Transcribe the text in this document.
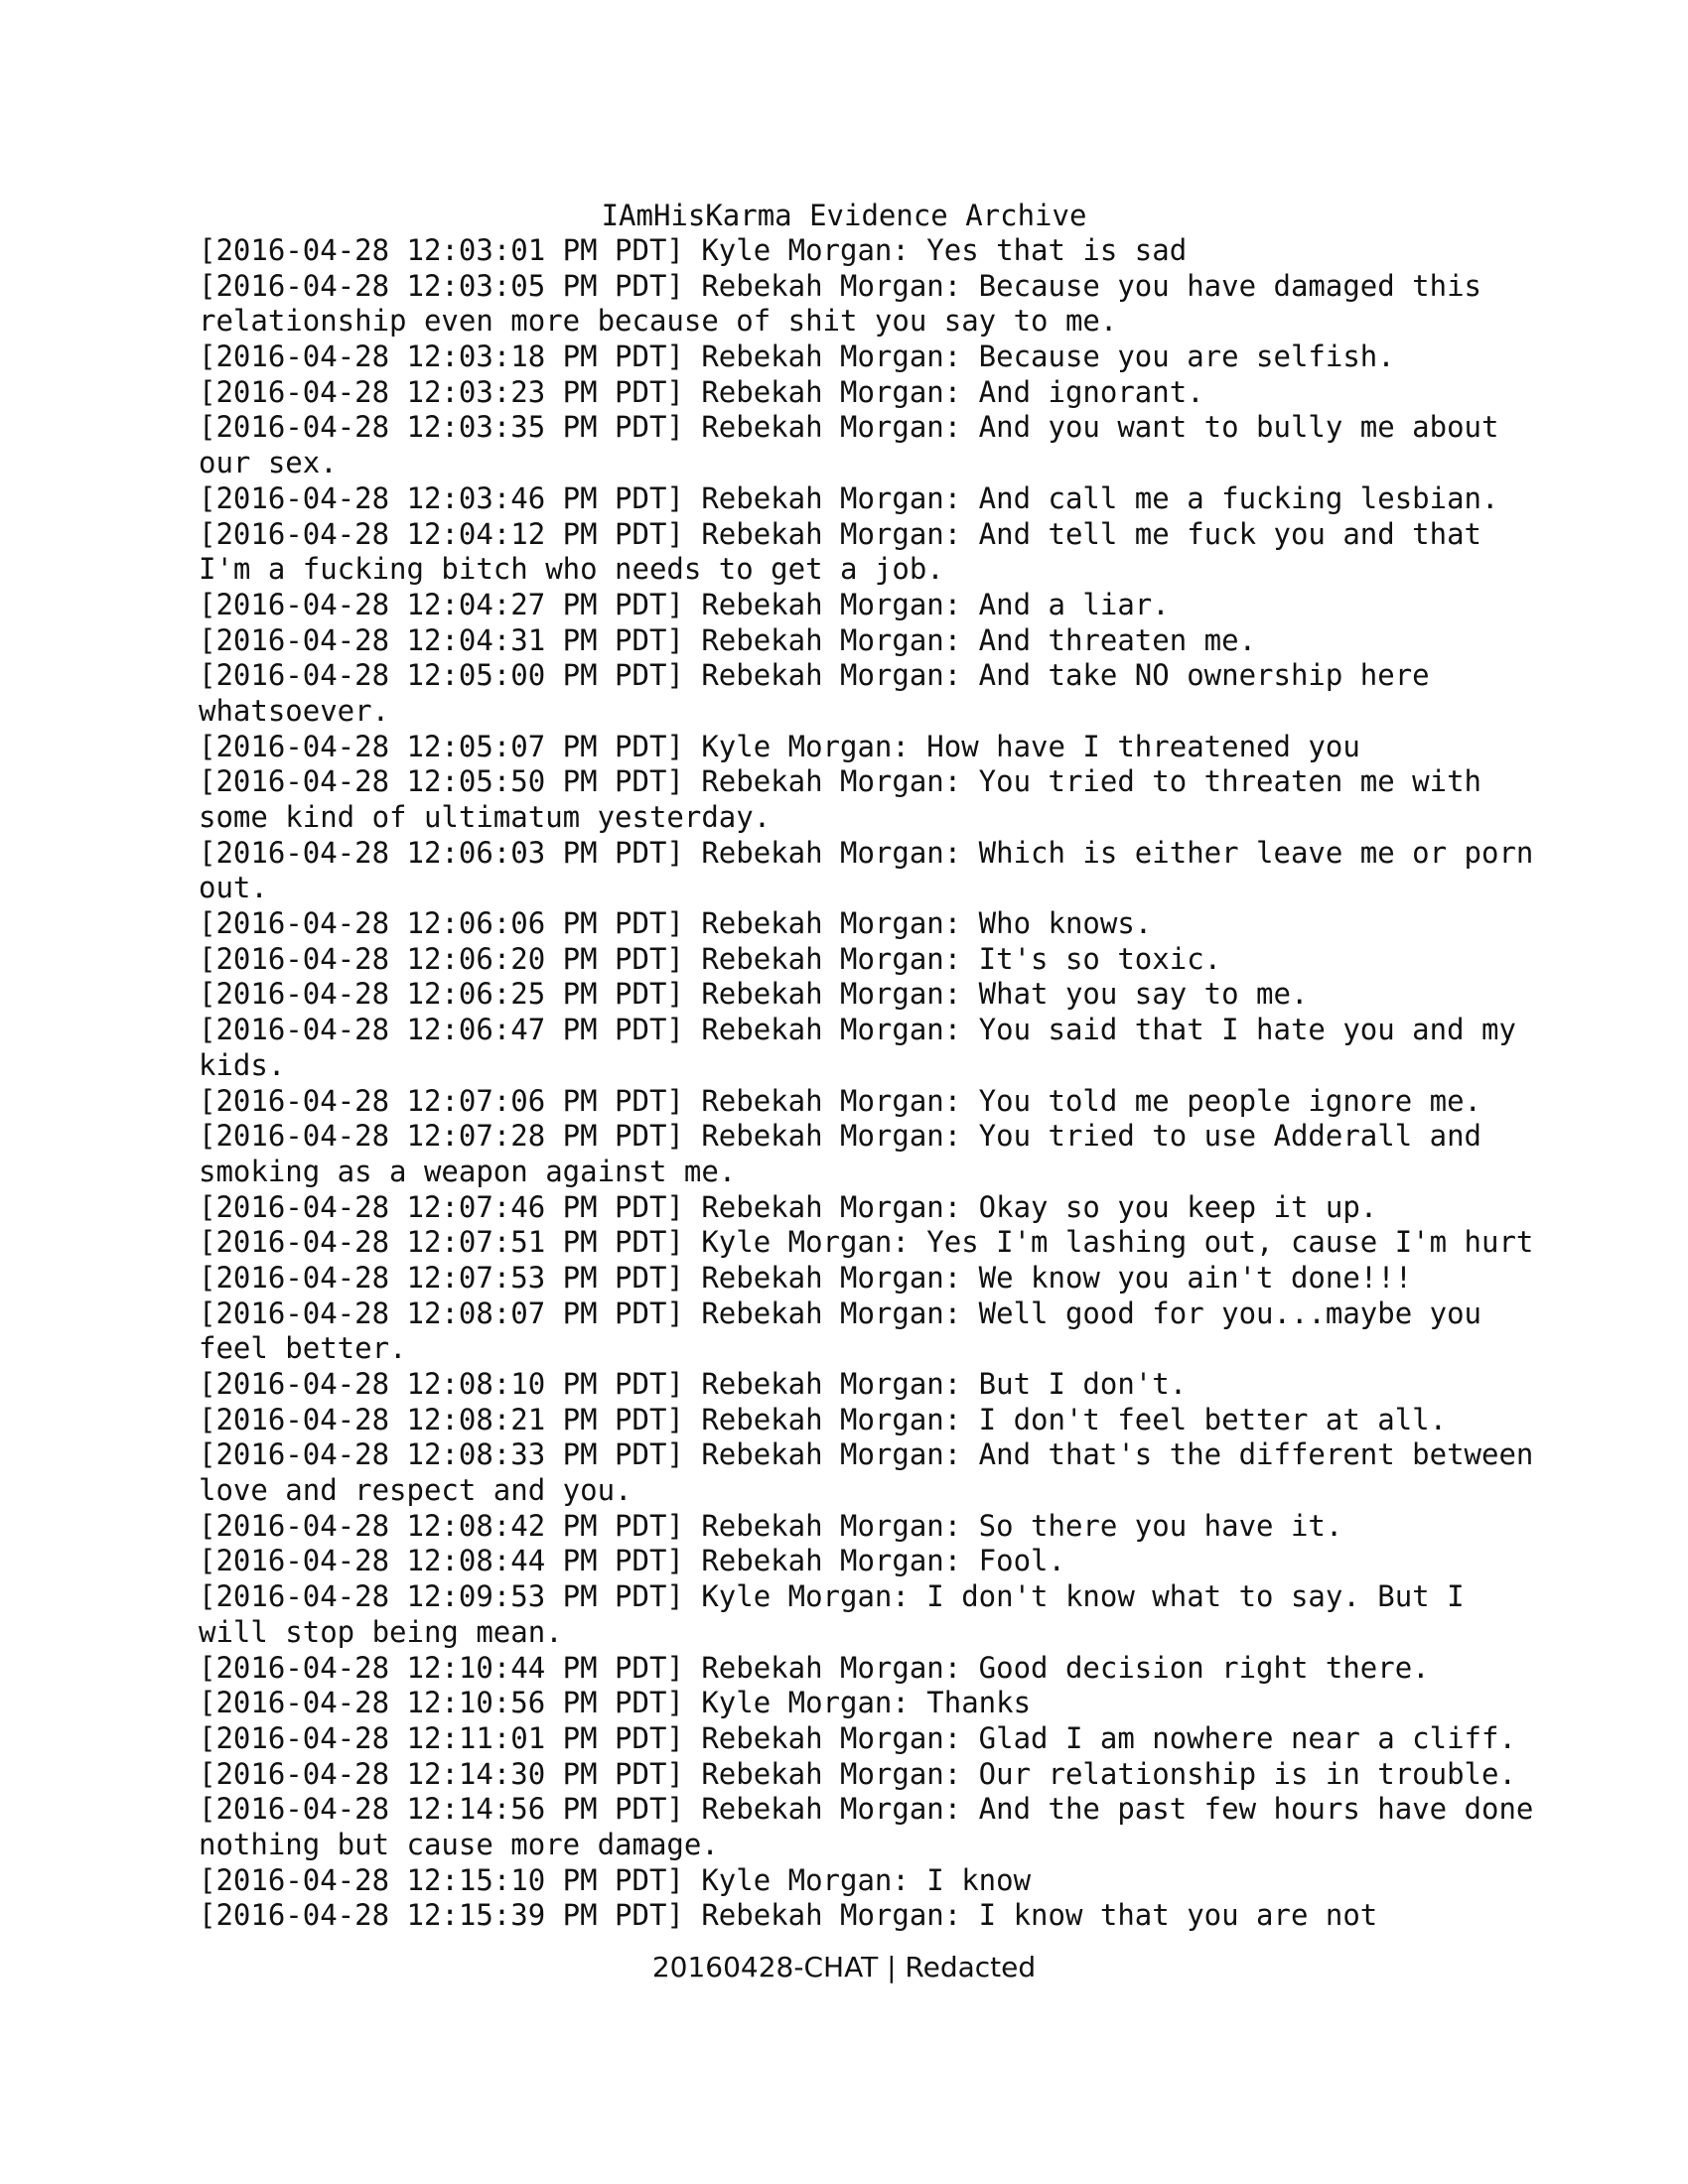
IAmHisKarma Evidence Archive
[2016-04-28 12:03:01 PM PDT] Kyle Morgan: Yes that is sad
[2016-04-28 12:03:05 PM PDT] Rebekah Morgan: Because you have damaged this
relationship even more because of shit you say to me.
[2016-04-28 12:03:18 PM PDT] Rebekah Morgan: Because you are selfish.
[2016-04-28 12:03:23 PM PDT] Rebekah Morgan: And ignorant.
[2016-04-28 12:03:35 PM PDT] Rebekah Morgan: And you want to bully me about
our sex.
[2016-04-28 12:03:46 PM PDT] Rebekah Morgan: And call me a fucking lesbian.
[2016-04-28 12:04:12 PM PDT] Rebekah Morgan: And tell me fuck you and that
I'm a fucking bitch who needs to get a job.
[2016-04-28 12:04:27 PM PDT] Rebekah Morgan: And a liar.
[2016-04-28 12:04:31 PM PDT] Rebekah Morgan: And threaten me.
[2016-04-28 12:05:00 PM PDT] Rebekah Morgan: And take NO ownership here
whatsoever.
[2016-04-28 12:05:07 PM PDT] Kyle Morgan: How have I threatened you
[2016-04-28 12:05:50 PM PDT] Rebekah Morgan: You tried to threaten me with
some kind of ultimatum yesterday.
[2016-04-28 12:06:03 PM PDT] Rebekah Morgan: Which is either leave me or porn
out.
[2016-04-28 12:06:06 PM PDT] Rebekah Morgan: Who knows.
[2016-04-28 12:06:20 PM PDT] Rebekah Morgan: It's so toxic.
[2016-04-28 12:06:25 PM PDT] Rebekah Morgan: What you say to me.
[2016-04-28 12:06:47 PM PDT] Rebekah Morgan: You said that I hate you and my
kids.
[2016-04-28 12:07:06 PM PDT] Rebekah Morgan: You told me people ignore me.
[2016-04-28 12:07:28 PM PDT] Rebekah Morgan: You tried to use Adderall and
smoking as a weapon against me.
[2016-04-28 12:07:46 PM PDT] Rebekah Morgan: Okay so you keep it up.
[2016-04-28 12:07:51 PM PDT] Kyle Morgan: Yes I'm lashing out, cause I'm hurt
[2016-04-28 12:07:53 PM PDT] Rebekah Morgan: We know you ain't done!!!
[2016-04-28 12:08:07 PM PDT] Rebekah Morgan: Well good for you...maybe you
feel better.
[2016-04-28 12:08:10 PM PDT] Rebekah Morgan: But I don't.
[2016-04-28 12:08:21 PM PDT] Rebekah Morgan: I don't feel better at all.
[2016-04-28 12:08:33 PM PDT] Rebekah Morgan: And that's the different between
love and respect and you.
[2016-04-28 12:08:42 PM PDT] Rebekah Morgan: So there you have it.
[2016-04-28 12:08:44 PM PDT] Rebekah Morgan: Fool.
[2016-04-28 12:09:53 PM PDT] Kyle Morgan: I don't know what to say. But I
will stop being mean.
[2016-04-28 12:10:44 PM PDT] Rebekah Morgan: Good decision right there.
[2016-04-28 12:10:56 PM PDT] Kyle Morgan: Thanks
[2016-04-28 12:11:01 PM PDT] Rebekah Morgan: Glad I am nowhere near a cliff.
[2016-04-28 12:14:30 PM PDT] Rebekah Morgan: Our relationship is in trouble.
[2016-04-28 12:14:56 PM PDT] Rebekah Morgan: And the past few hours have done
nothing but cause more damage.
[2016-04-28 12:15:10 PM PDT] Kyle Morgan: I know
[2016-04-28 12:15:39 PM PDT] Rebekah Morgan: I know that you are not
20160428-CHAT | Redacted
